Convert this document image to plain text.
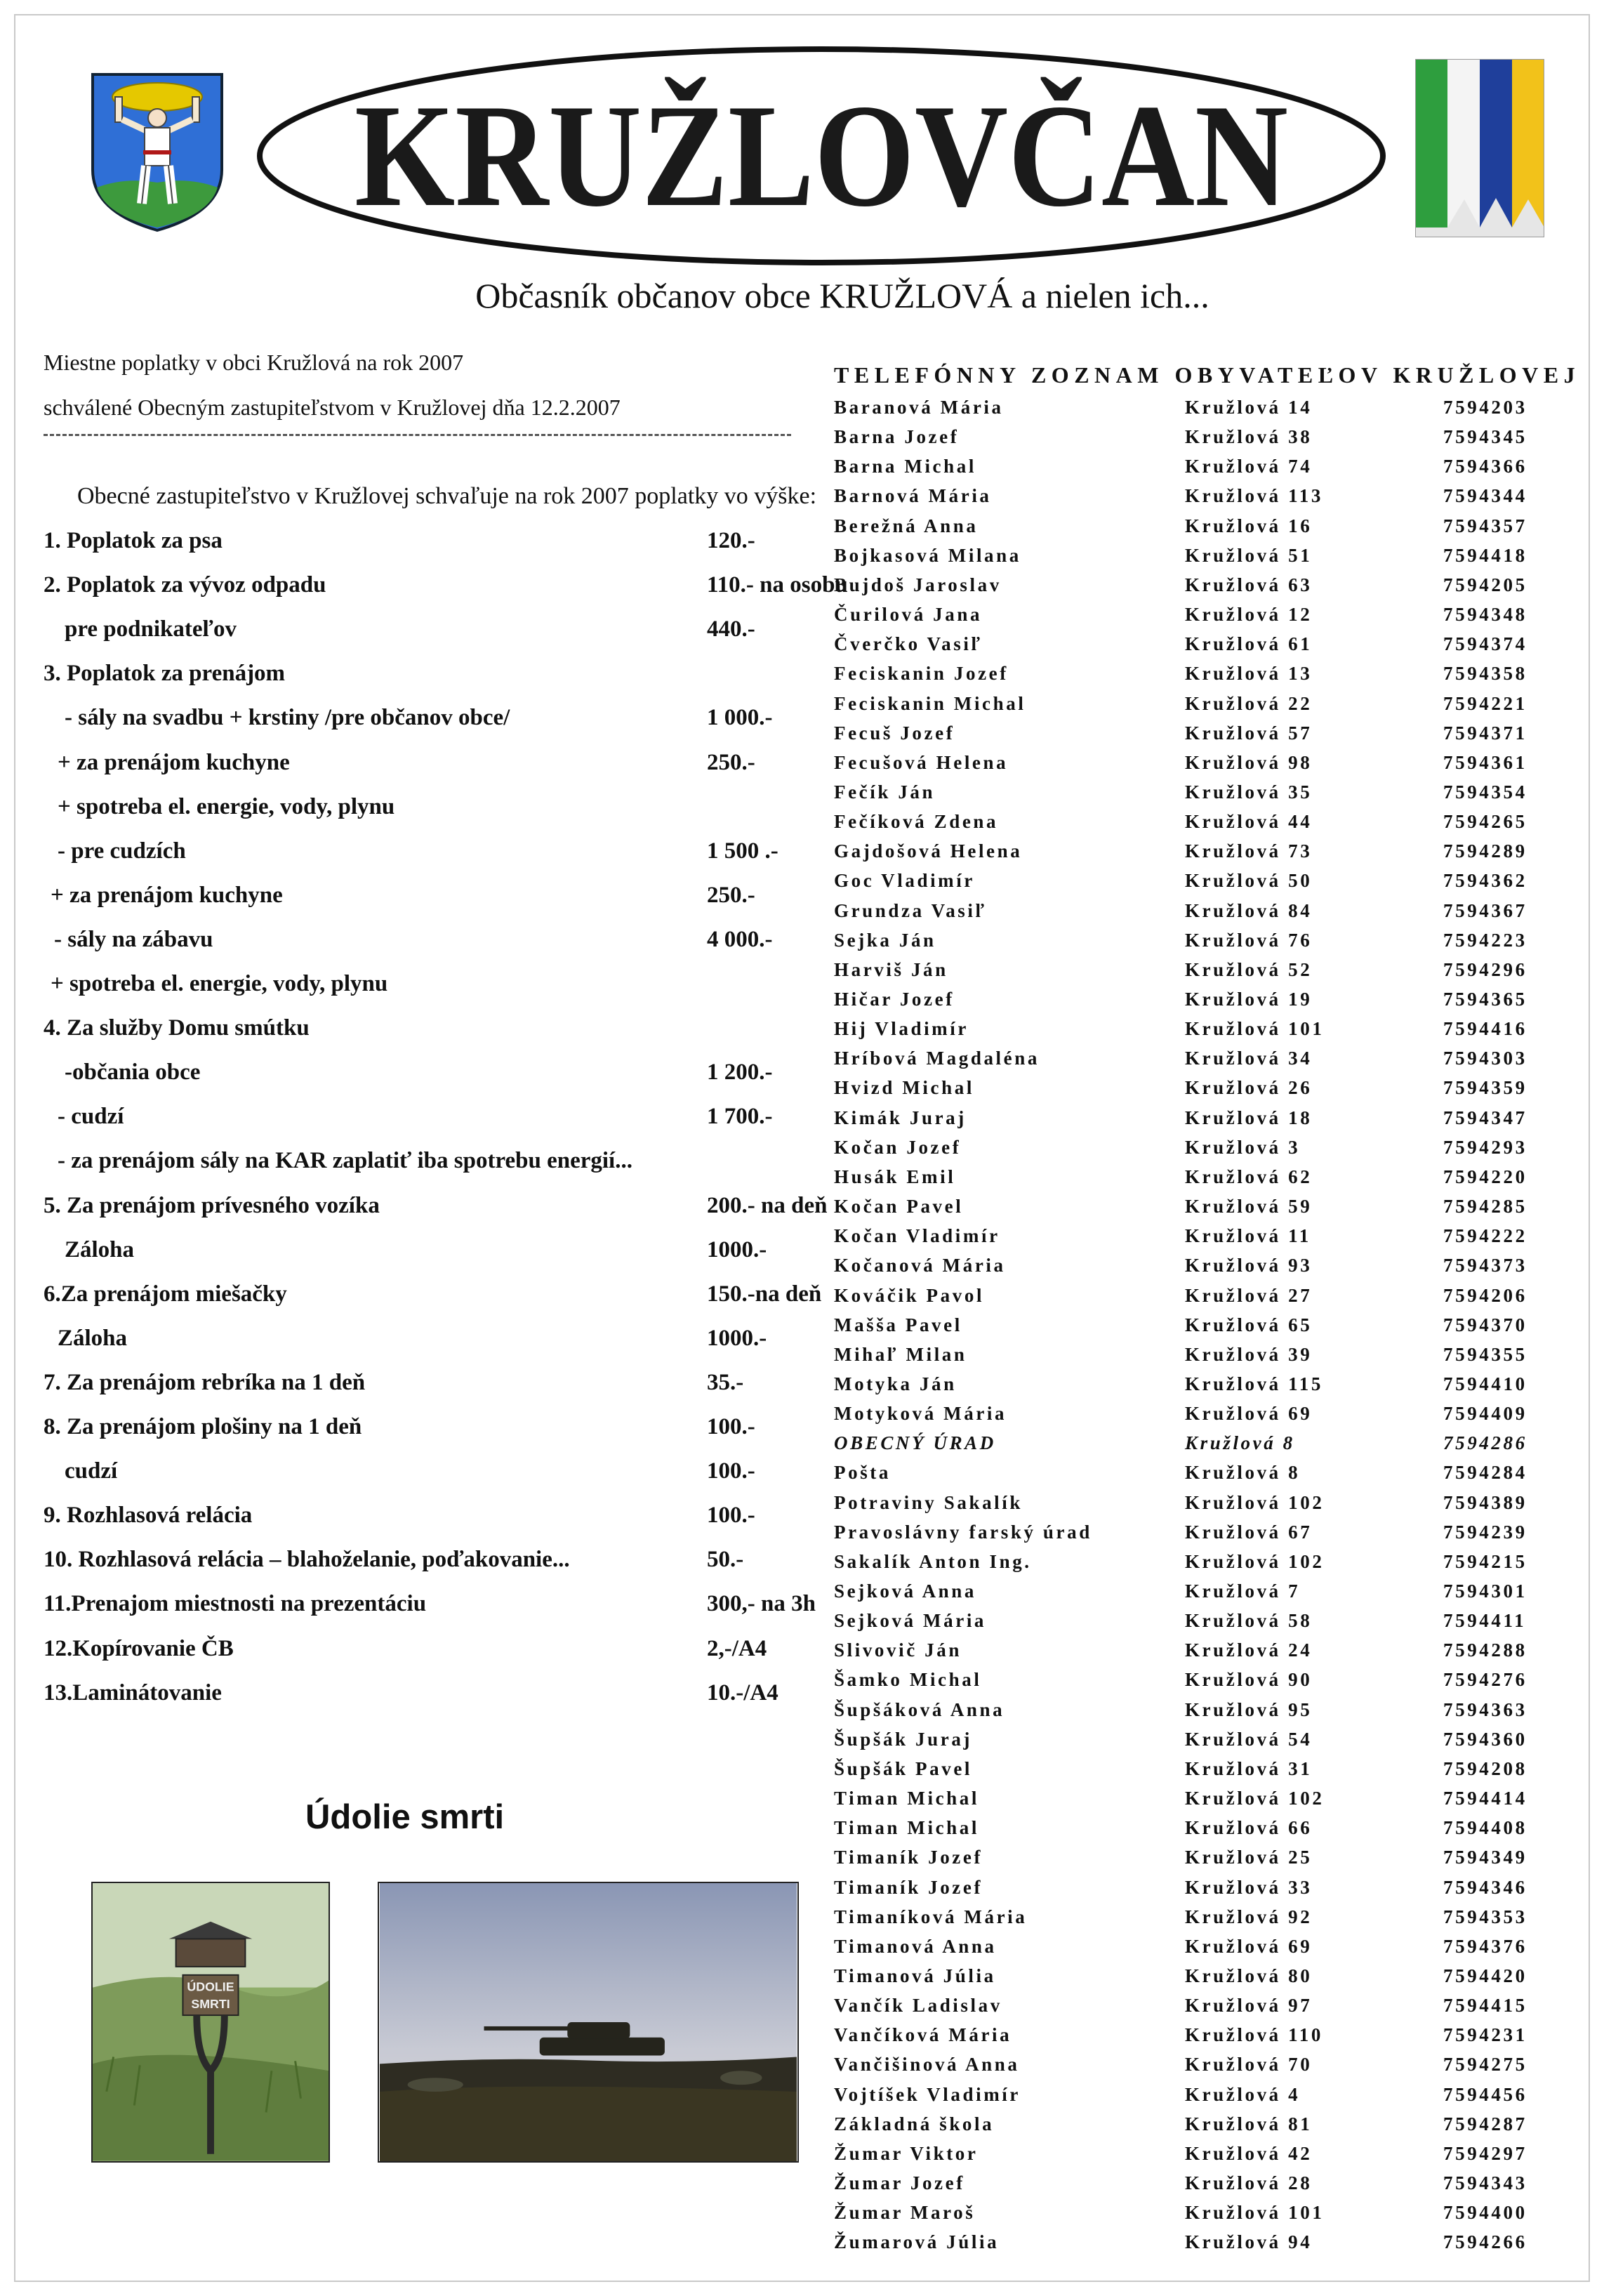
KRUŽLOVČAN
Občasník občanov obce KRUŽLOVÁ a nielen ich...
Miestne poplatky v obci Kružlová na rok 2007
schválené Obecným zastupiteľstvom v Kružlovej dňa 12.2.2007
Obecné zastupiteľstvo v Kružlovej schvaľuje na rok 2007 poplatky vo výške:
1. Poplatok za psa	120.-
2. Poplatok za vývoz odpadu	110.- na osobu
pre podnikateľov	440.-
3. Poplatok za prenájom
- sály na svadbu + krstiny /pre občanov obce/	1 000.-
+ za prenájom kuchyne	250.-
+ spotreba el. energie, vody, plynu
- pre cudzích	1 500 .-
+ za prenájom kuchyne	250.-
- sály na zábavu	4 000.-
+ spotreba el. energie, vody, plynu
4. Za služby Domu smútku
-občania obce	1 200.-
- cudzí	1 700.-
- za prenájom sály na KAR zaplatiť iba spotrebu energií...
5. Za prenájom prívesného vozíka	200.- na deň
Záloha	1000.-
6.Za prenájom miešačky	150.-na deň
Záloha	1000.-
7. Za prenájom rebríka na 1 deň	35.-
8. Za prenájom plošiny na 1 deň	100.-
cudzí	100.-
9. Rozhlasová relácia	100.-
10. Rozhlasová relácia – blahoželanie, poďakovanie...	50.-
11.Prenajom miestnosti na prezentáciu	300,- na 3h
12.Kopírovanie ČB	2,-/A4
13.Laminátovanie	10.-/A4
Údolie smrti
ÚDOLIE
SMRTI
TELEFÓNNY ZOZNAM OBYVATEĽOV KRUŽLOVEJ
Baranová Mária	Kružlová 14	7594203
Barna Jozef	Kružlová 38	7594345
Barna Michal	Kružlová 74	7594366
Barnová Mária	Kružlová 113	7594344
Berežná Anna	Kružlová 16	7594357
Bojkasová Milana	Kružlová 51	7594418
Bujdoš Jaroslav	Kružlová 63	7594205
Čurilová Jana	Kružlová 12	7594348
Čverčko Vasiľ	Kružlová 61	7594374
Feciskanin Jozef	Kružlová 13	7594358
Feciskanin Michal	Kružlová 22	7594221
Fecuš Jozef	Kružlová 57	7594371
Fecušová Helena	Kružlová 98	7594361
Fečík Ján	Kružlová 35	7594354
Fečíková Zdena	Kružlová 44	7594265
Gajdošová Helena	Kružlová 73	7594289
Goc Vladimír	Kružlová 50	7594362
Grundza Vasiľ	Kružlová 84	7594367
Sejka Ján	Kružlová 76	7594223
Harviš Ján	Kružlová 52	7594296
Hičar Jozef	Kružlová 19	7594365
Hij Vladimír	Kružlová 101	7594416
Hríbová Magdaléna	Kružlová 34	7594303
Hvizd Michal	Kružlová 26	7594359
Kimák Juraj	Kružlová 18	7594347
Kočan Jozef	Kružlová 3	7594293
Husák Emil	Kružlová 62	7594220
Kočan Pavel	Kružlová 59	7594285
Kočan Vladimír	Kružlová 11	7594222
Kočanová Mária	Kružlová 93	7594373
Kováčik Pavol	Kružlová 27	7594206
Mašša Pavel	Kružlová 65	7594370
Mihaľ Milan	Kružlová 39	7594355
Motyka Ján	Kružlová 115	7594410
Motyková Mária	Kružlová 69	7594409
OBECNÝ ÚRAD	Kružlová 8	7594286
Pošta	Kružlová 8	7594284
Potraviny Sakalík	Kružlová 102	7594389
Pravoslávny farský úrad	Kružlová 67	7594239
Sakalík Anton Ing.	Kružlová 102	7594215
Sejková Anna	Kružlová 7	7594301
Sejková Mária	Kružlová 58	7594411
Slivovič Ján	Kružlová 24	7594288
Šamko Michal	Kružlová 90	7594276
Šupšáková Anna	Kružlová 95	7594363
Šupšák Juraj	Kružlová 54	7594360
Šupšák Pavel	Kružlová 31	7594208
Timan Michal	Kružlová 102	7594414
Timan Michal	Kružlová 66	7594408
Timaník Jozef	Kružlová 25	7594349
Timaník Jozef	Kružlová 33	7594346
Timaníková Mária	Kružlová 92	7594353
Timanová Anna	Kružlová 69	7594376
Timanová Júlia	Kružlová 80	7594420
Vančík Ladislav	Kružlová 97	7594415
Vančíková Mária	Kružlová 110	7594231
Vančišinová Anna	Kružlová 70	7594275
Vojtíšek Vladimír	Kružlová 4	7594456
Základná škola	Kružlová 81	7594287
Žumar Viktor	Kružlová 42	7594297
Žumar Jozef	Kružlová 28	7594343
Žumar Maroš	Kružlová 101	7594400
Žumarová Júlia	Kružlová 94	7594266
